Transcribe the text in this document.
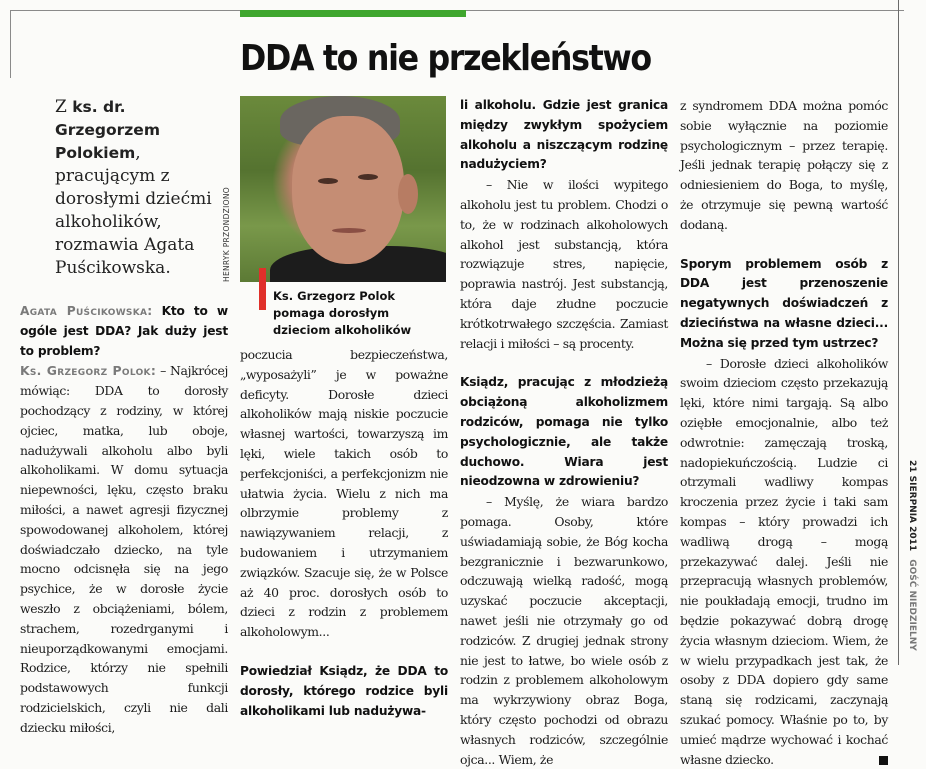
DDA to nie przekleństwo
Z ks. dr. Grzegorzem Polokiem, pracującym z dorosłymi dziećmi alkoholików, rozmawia Agata Puścikowska.	HENRYK PRZONDZIONO
Ks. Grzegorz Polok pomaga dorosłym dzieciom alkoholików

Agata Puścikowska: Kto to w ogóle jest DDA? Jak duży jest to problem?

Ks. Grzegorz Polok: – Najkrócej mówiąc: DDA to dorosły pochodzący z rodziny, w której ojciec, matka, lub oboje, nadużywali alkoholu albo byli alkoholikami. W domu sytuacja niepewności, lęku, często braku miłości, a nawet agresji fizycznej spowodowanej alkoholem, której doświadczało dziecko, na tyle mocno odcisnęła się na jego psychice, że w dorosłe życie weszło z obciążeniami, bólem, strachem, rozedrganymi i nieuporządkowanymi emocjami. Rodzice, którzy nie spełnili podstawowych funkcji rodzicielskich, czyli nie dali dziecku miłości,

poczucia bezpieczeństwa, „wyposażyli” je w poważne deficyty. Dorosłe dzieci alkoholików mają niskie poczucie własnej wartości, towarzyszą im lęki, wiele takich osób to perfekcjoniści, a perfekcjonizm nie ułatwia życia. Wielu z nich ma olbrzymie problemy z nawiązywaniem relacji, z budowaniem i utrzymaniem związków. Szacuje się, że w Polsce aż 40 proc. dorosłych osób to dzieci z rodzin z problemem alkoholowym...

Powiedział Ksiądz, że DDA to dorosły, którego rodzice byli alkoholikami lub nadużywa-

li alkoholu. Gdzie jest granica między zwykłym spożyciem alkoholu a niszczącym rodzinę nadużyciem?

– Nie w ilości wypitego alkoholu jest tu problem. Chodzi o to, że w rodzinach alkoholowych alkohol jest substancją, która rozwiązuje stres, napięcie, poprawia nastrój. Jest substancją, która daje złudne poczucie krótkotrwałego szczęścia. Zamiast relacji i miłości – są procenty.

Ksiądz, pracując z młodzieżą obciążoną alkoholizmem rodziców, pomaga nie tylko psychologicznie, ale także duchowo. Wiara jest nieodzowna w zdrowieniu?

– Myślę, że wiara bardzo pomaga. Osoby, które uświadamiają sobie, że Bóg kocha bezgranicznie i bezwarunkowo, odczuwają wielką radość, mogą uzyskać poczucie akceptacji, nawet jeśli nie otrzymały go od rodziców. Z drugiej jednak strony nie jest to łatwe, bo wiele osób z rodzin z problemem alkoholowym ma wykrzywiony obraz Boga, który często pochodzi od obrazu własnych rodziców, szczególnie ojca... Wiem, że

z syndromem DDA można pomóc sobie wyłącznie na poziomie psychologicznym – przez terapię. Jeśli jednak terapię połączy się z odniesieniem do Boga, to myślę, że otrzymuje się pewną wartość dodaną.

Sporym problemem osób z DDA jest przenoszenie negatywnych doświadczeń z dzieciństwa na własne dzieci... Można się przed tym ustrzec?

– Dorosłe dzieci alkoholików swoim dzieciom często przekazują lęki, które nimi targają. Są albo oziębłe emocjonalnie, albo też odwrotnie: zamęczają troską, nadopiekuńczością. Ludzie ci otrzymali wadliwy kompas kroczenia przez życie i taki sam kompas – który prowadzi ich wadliwą drogą – mogą przekazywać dalej. Jeśli nie przepracują własnych problemów, nie poukładają emocji, trudno im będzie pokazywać dobrą drogę życia własnym dzieciom. Wiem, że w wielu przypadkach jest tak, że osoby z DDA dopiero gdy same staną się rodzicami, zaczynają szukać pomocy. Właśnie po to, by umieć mądrze wychować i kochać własne dziecko.

21 SIERPNIA 2011GOŚĆ NIEDZIELNY
